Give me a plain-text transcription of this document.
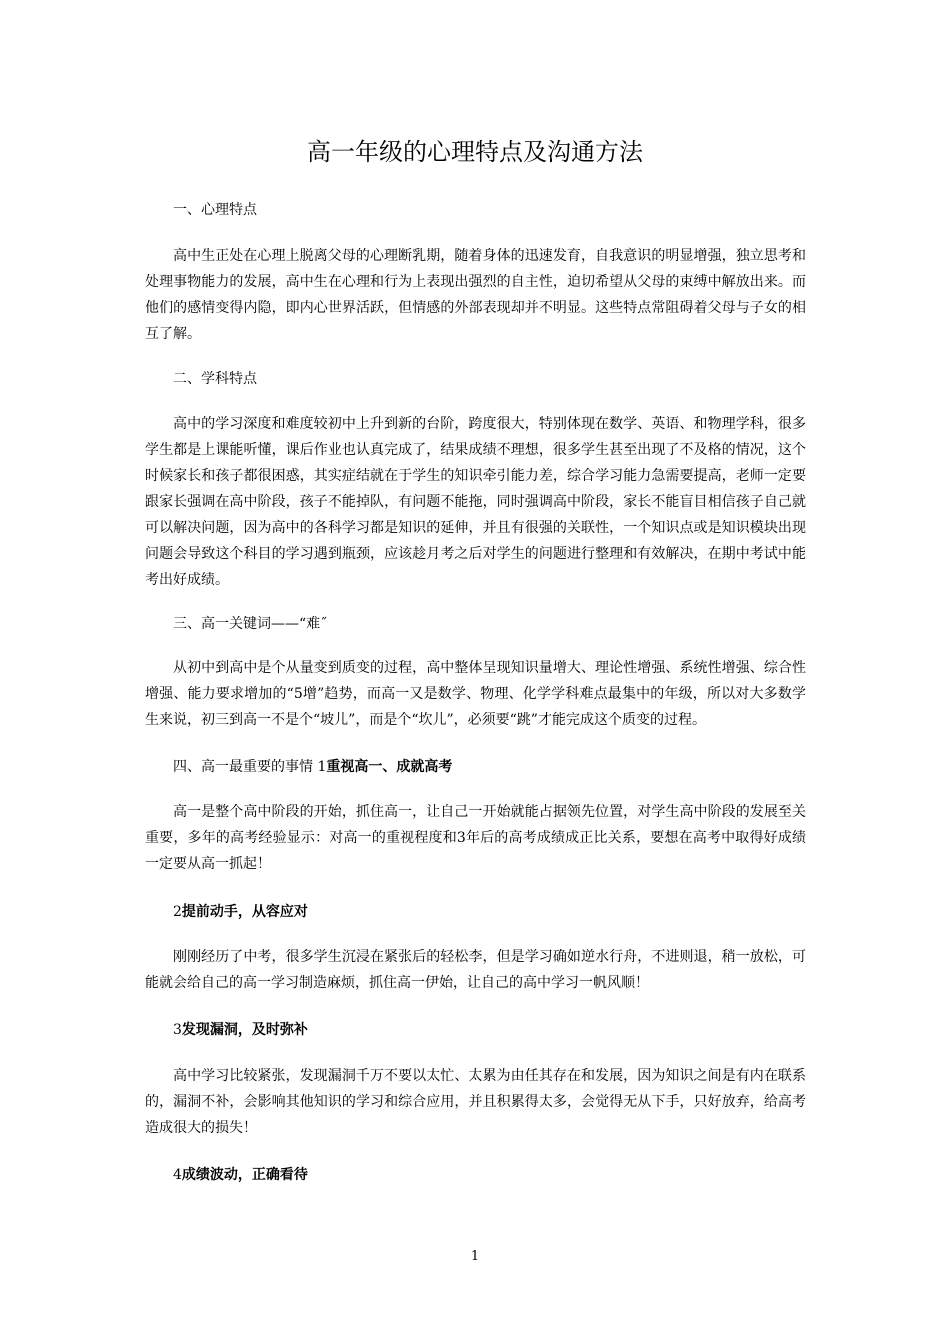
高一年级的心理特点及沟通方法

一、心理特点

高中生正处在心理上脱离父母的心理断乳期，随着身体的迅速发育，自我意识的明显增强，独立思考和处理事物能力的发展，高中生在心理和行为上表现出强烈的自主性，迫切希望从父母的束缚中解放出来。而他们的感情变得内隐，即内心世界活跃，但情感的外部表现却并不明显。这些特点常阻碍着父母与子女的相互了解。

二、学科特点

高中的学习深度和难度较初中上升到新的台阶，跨度很大，特别体现在数学、英语、和物理学科，很多学生都是上课能听懂，课后作业也认真完成了，结果成绩不理想，很多学生甚至出现了不及格的情况，这个时候家长和孩子都很困惑，其实症结就在于学生的知识牵引能力差，综合学习能力急需要提高，老师一定要跟家长强调在高中阶段，孩子不能掉队，有问题不能拖，同时强调高中阶段，家长不能盲目相信孩子自己就可以解决问题，因为高中的各科学习都是知识的延伸，并且有很强的关联性，一个知识点或是知识模块出现问题会导致这个科目的学习遇到瓶颈，应该趁月考之后对学生的问题进行整理和有效解决，在期中考试中能考出好成绩。

三、高一关键词——“难˝

从初中到高中是个从量变到质变的过程，高中整体呈现知识量增大、理论性增强、系统性增强、综合性增强、能力要求增加的“5增”趋势，而高一又是数学、物理、化学学科难点最集中的年级，所以对大多数学生来说，初三到高一不是个“坡儿”，而是个“坎儿”，必须要“跳”才能完成这个质变的过程。

四、高一最重要的事情 1重视高一、成就高考

高一是整个高中阶段的开始，抓住高一，让自己一开始就能占据领先位置，对学生高中阶段的发展至关重要，多年的高考经验显示：对高一的重视程度和3年后的高考成绩成正比关系，要想在高考中取得好成绩一定要从高一抓起！

2提前动手，从容应对

刚刚经历了中考，很多学生沉浸在紧张后的轻松李，但是学习确如逆水行舟，不进则退，稍一放松，可能就会给自己的高一学习制造麻烦，抓住高一伊始，让自己的高中学习一帆风顺！

3发现漏洞，及时弥补

高中学习比较紧张，发现漏洞千万不要以太忙、太累为由任其存在和发展，因为知识之间是有内在联系的，漏洞不补，会影响其他知识的学习和综合应用，并且积累得太多，会觉得无从下手，只好放弃，给高考造成很大的损失！

4成绩波动，正确看待

1
